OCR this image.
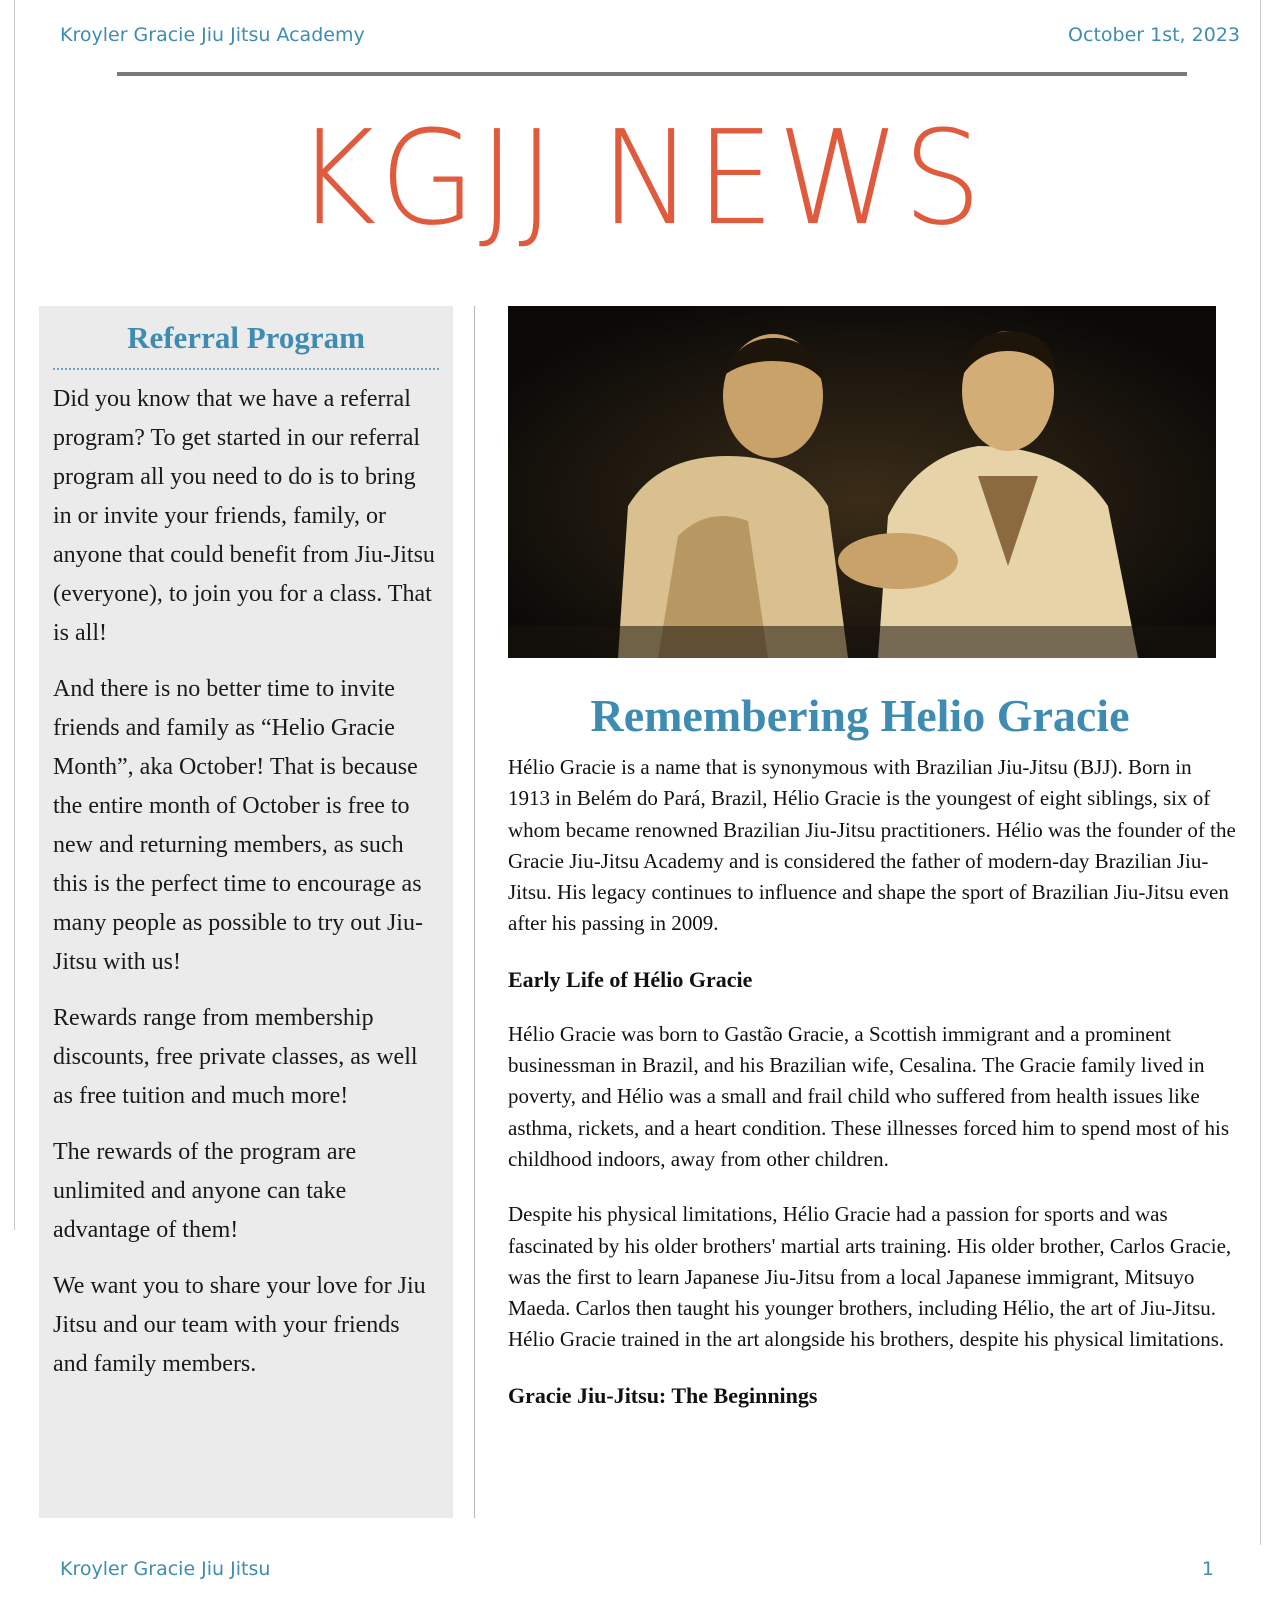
Kroyler Gracie Jiu Jitsu Academy	October 1st, 2023
KGJJ NEWS
Referral Program

Did you know that we have a referral program? To get started in our referral program all you need to do is to bring in or invite your friends, family, or anyone that could benefit from Jiu-Jitsu (everyone), to join you for a class. That is all!

And there is no better time to invite friends and family as “Helio Gracie Month”, aka October! That is because the entire month of October is free to new and returning members, as such this is the perfect time to encourage as many people as possible to try out Jiu-Jitsu with us!

Rewards range from membership discounts, free private classes, as well as free tuition and much more!

The rewards of the program are unlimited and anyone can take advantage of them!

We want you to share your love for Jiu Jitsu and our team with your friends and family members.

Remembering Helio Gracie

Hélio Gracie is a name that is synonymous with Brazilian Jiu-Jitsu (BJJ). Born in 1913 in Belém do Pará, Brazil, Hélio Gracie is the youngest of eight siblings, six of whom became renowned Brazilian Jiu-Jitsu practitioners. Hélio was the founder of the Gracie Jiu-Jitsu Academy and is considered the father of modern-day Brazilian Jiu-Jitsu. His legacy continues to influence and shape the sport of Brazilian Jiu-Jitsu even after his passing in 2009.

Early Life of Hélio Gracie

Hélio Gracie was born to Gastão Gracie, a Scottish immigrant and a prominent businessman in Brazil, and his Brazilian wife, Cesalina. The Gracie family lived in poverty, and Hélio was a small and frail child who suffered from health issues like asthma, rickets, and a heart condition. These illnesses forced him to spend most of his childhood indoors, away from other children.

Despite his physical limitations, Hélio Gracie had a passion for sports and was fascinated by his older brothers' martial arts training. His older brother, Carlos Gracie, was the first to learn Japanese Jiu-Jitsu from a local Japanese immigrant, Mitsuyo Maeda. Carlos then taught his younger brothers, including Hélio, the art of Jiu-Jitsu. Hélio Gracie trained in the art alongside his brothers, despite his physical limitations.

Gracie Jiu-Jitsu: The Beginnings
Kroyler Gracie Jiu Jitsu	1
